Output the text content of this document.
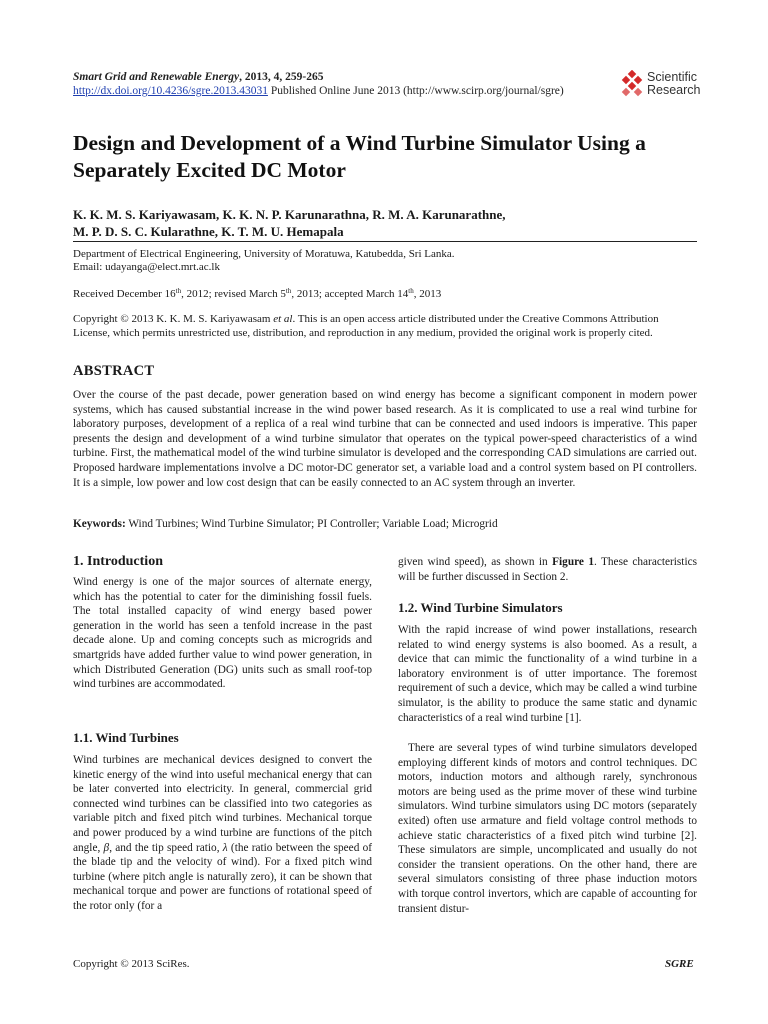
Smart Grid and Renewable Energy, 2013, 4, 259-265
http://dx.doi.org/10.4236/sgre.2013.43031 Published Online June 2013 (http://www.scirp.org/journal/sgre)
Scientific
Research
Design and Development of a Wind Turbine Simulator Using a Separately Excited DC Motor
K. K. M. S. Kariyawasam, K. K. N. P. Karunarathna, R. M. A. Karunarathne,
M. P. D. S. C. Kularathne, K. T. M. U. Hemapala
Department of Electrical Engineering, University of Moratuwa, Katubedda, Sri Lanka.
Email: udayanga@elect.mrt.ac.lk
Received December 16th, 2012; revised March 5th, 2013; accepted March 14th, 2013
Copyright © 2013 K. K. M. S. Kariyawasam et al. This is an open access article distributed under the Creative Commons Attribution License, which permits unrestricted use, distribution, and reproduction in any medium, provided the original work is properly cited.
ABSTRACT
Over the course of the past decade, power generation based on wind energy has become a significant component in modern power systems, which has caused substantial increase in the wind power based research. As it is complicated to use a real wind turbine for laboratory purposes, development of a replica of a real wind turbine that can be connected and used indoors is imperative. This paper presents the design and development of a wind turbine simulator that operates on the typical power-speed characteristics of a wind turbine. First, the mathematical model of the wind turbine simulator is developed and the corresponding CAD simulations are carried out. Proposed hardware implementations involve a DC motor-DC generator set, a variable load and a control system based on PI controllers. It is a simple, low power and low cost design that can be easily connected to an AC system through an inverter.
Keywords: Wind Turbines; Wind Turbine Simulator; PI Controller; Variable Load; Microgrid
1. Introduction
Wind energy is one of the major sources of alternate energy, which has the potential to cater for the diminishing fossil fuels. The total installed capacity of wind energy based power generation in the world has seen a tenfold increase in the past decade alone. Up and coming concepts such as microgrids and smartgrids have added further value to wind power generation, in which Distributed Generation (DG) units such as small roof-top wind turbines are accommodated.
1.1. Wind Turbines
Wind turbines are mechanical devices designed to convert the kinetic energy of the wind into useful mechanical energy that can be later converted into electricity. In general, commercial grid connected wind turbines can be classified into two categories as variable pitch and fixed pitch wind turbines. Mechanical torque and power produced by a wind turbine are functions of the pitch angle, β, and the tip speed ratio, λ (the ratio between the speed of the blade tip and the velocity of wind). For a fixed pitch wind turbine (where pitch angle is naturally zero), it can be shown that mechanical torque and power are functions of rotational speed of the rotor only (for a
given wind speed), as shown in Figure 1. These characteristics will be further discussed in Section 2.
1.2. Wind Turbine Simulators
With the rapid increase of wind power installations, research related to wind energy systems is also boomed. As a result, a device that can mimic the functionality of a wind turbine in a laboratory environment is of utter importance. The foremost requirement of such a device, which may be called a wind turbine simulator, is the ability to produce the same static and dynamic characteristics of a real wind turbine [1].
There are several types of wind turbine simulators developed employing different kinds of motors and control techniques. DC motors, induction motors and although rarely, synchronous motors are being used as the prime mover of these wind turbine simulators. Wind turbine simulators using DC motors (separately exited) often use armature and field voltage control methods to achieve static characteristics of a fixed pitch wind turbine [2]. These simulators are simple, uncomplicated and usually do not consider the transient operations. On the other hand, there are several simulators consisting of three phase induction motors with torque control invertors, which are capable of accounting for transient distur-
Copyright © 2013 SciRes.	SGRE
